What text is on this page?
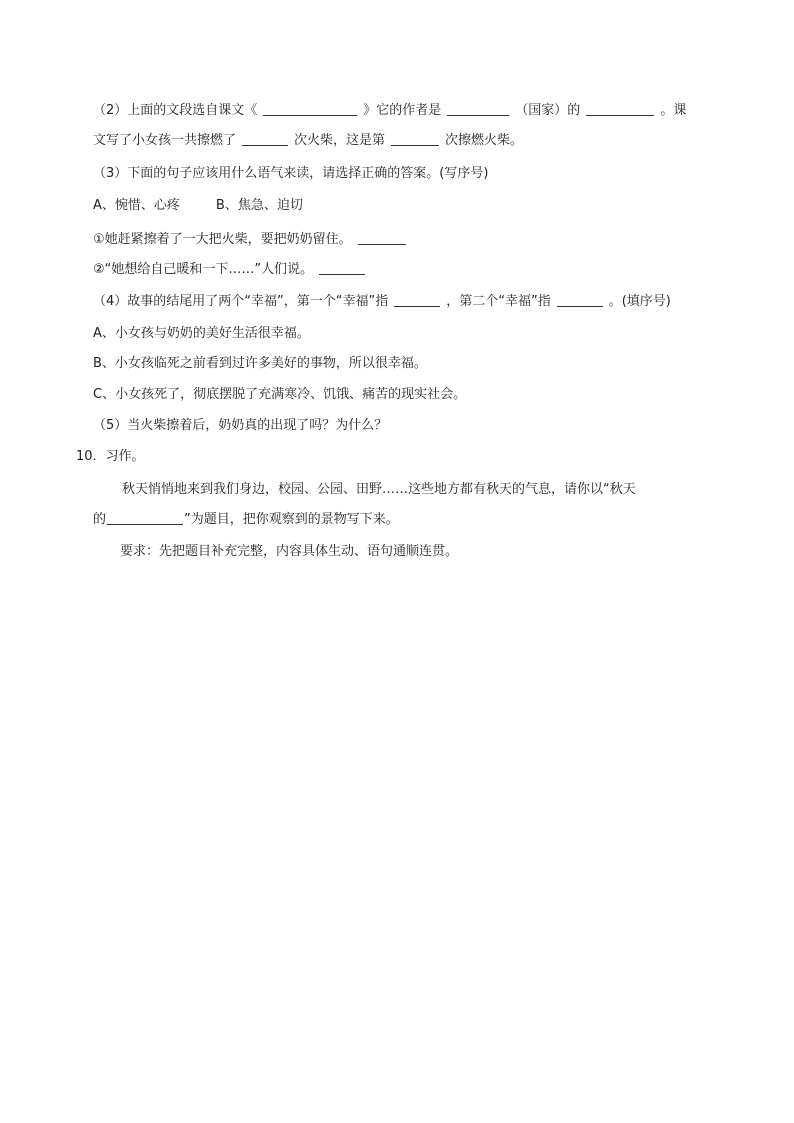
（2）上面的文段选自课文《	》它的作者是	（国家）的	。课
文写了小女孩一共擦燃了	次火柴，这是第	次擦燃火柴。
（3）下面的句子应该用什么语气来读，请选择正确的答案。(写序号)
A、惋惜、心疼	B、焦急、迫切
①她赶紧擦着了一大把火柴，要把奶奶留住。
②“她想给自己暖和一下……”人们说。
（4）故事的结尾用了两个“幸福”，第一个“幸福”指	，第二个“幸福”指	。(填序号)
A、小女孩与奶奶的美好生活很幸福。
B、小女孩临死之前看到过许多美好的事物，所以很幸福。
C、小女孩死了，彻底摆脱了充满寒冷、饥饿、痛苦的现实社会。
（5）当火柴擦着后，奶奶真的出现了吗？为什么？
10．习作。
秋天悄悄地来到我们身边，校园、公园、田野……这些地方都有秋天的气息，请你以“秋天
的	”为题目，把你观察到的景物写下来。
要求：先把题目补充完整，内容具体生动、语句通顺连贯。
